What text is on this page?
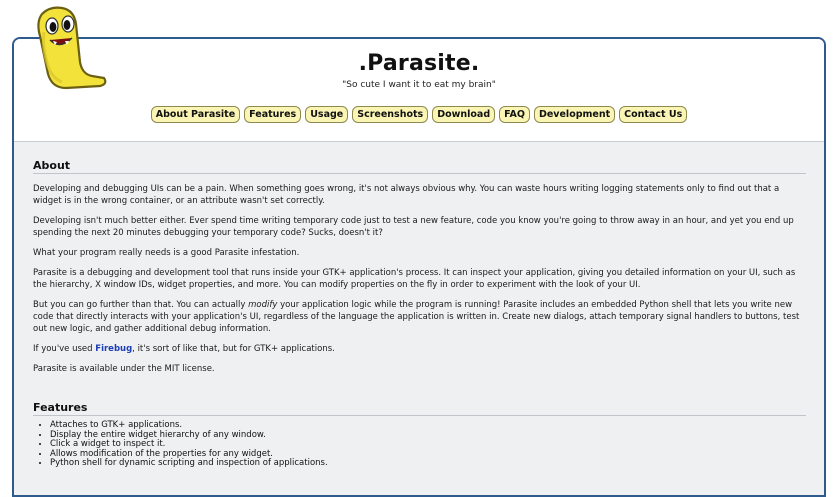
.Parasite.
"So cute I want it to eat my brain"
About Parasite	Features	Usage	Screenshots	Download	FAQ	Development	Contact Us
About

Developing and debugging UIs can be a pain. When something goes wrong, it's not always obvious why. You can waste hours writing logging statements only to find out that a widget is in the wrong container, or an attribute wasn't set correctly.

Developing isn't much better either. Ever spend time writing temporary code just to test a new feature, code you know you're going to throw away in an hour, and yet you end up spending the next 20 minutes debugging your temporary code? Sucks, doesn't it?

What your program really needs is a good Parasite infestation.

Parasite is a debugging and development tool that runs inside your GTK+ application's process. It can inspect your application, giving you detailed information on your UI, such as the hierarchy, X window IDs, widget properties, and more. You can modify properties on the fly in order to experiment with the look of your UI.

But you can go further than that. You can actually modify your application logic while the program is running! Parasite includes an embedded Python shell that lets you write new code that directly interacts with your application's UI, regardless of the language the application is written in. Create new dialogs, attach temporary signal handlers to buttons, test out new logic, and gather additional debug information.

If you've used Firebug, it's sort of like that, but for GTK+ applications.

Parasite is available under the MIT license.

Features
• Attaches to GTK+ applications.
• Display the entire widget hierarchy of any window.
• Click a widget to inspect it.
• Allows modification of the properties for any widget.
• Python shell for dynamic scripting and inspection of applications.
